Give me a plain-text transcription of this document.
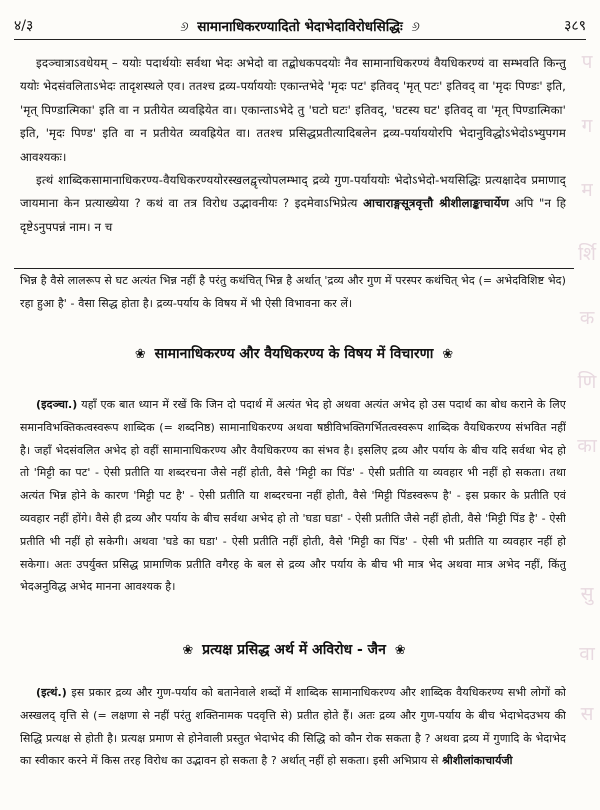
४/३	୬ सामानाधिकरण्यादितो भेदाभेदाविरोधसिद्धिः ୬	३८९
प
ग
म
र्शि
क
णि
का
सु
वा
स

इदञ्चात्राऽवधेयम् – ययोः पदार्थयोः सर्वथा भेदः अभेदो वा तद्बोधकपदयोः नैव सामानाधिकरण्यं वैयधिकरण्यं वा सम्भवति किन्तु ययोः भेदसंवलिताऽभेदः तादृशस्थले एव। ततश्च द्रव्य-पर्याययोः एकान्तभेदे 'मृदः पट' इतिवद् 'मृत् पटः' इतिवद् वा 'मृदः पिण्डः' इति, 'मृत् पिण्डात्मिका' इति वा न प्रतीयेत व्यवह्रियेत वा। एकान्ताऽभेदे तु 'घटो घटः' इतिवद्, 'घटस्य घट' इतिवद् वा 'मृत् पिण्डात्मिका' इति, 'मृदः पिण्ड' इति वा न प्रतीयेत व्यवह्रियेत वा। ततश्च प्रसिद्धप्रतीत्यादिबलेन द्रव्य-पर्याययोरपि भेदानुविद्धोऽभेदोऽभ्युपगम आवश्यकः।

इत्थं शाब्दिकसामानाधिकरण्य-वैयधिकरण्ययोरस्खलद्वृत्त्योपलम्भाद् द्रव्ये गुण-पर्याययोः भेदोऽभेदो-भयसिद्धिः प्रत्यक्षादेव प्रमाणाद् जायमाना केन प्रत्याख्येया ? कथं वा तत्र विरोध उद्भावनीयः ? इदमेवाऽभिप्रेत्य आचाराङ्गसूत्रवृत्तौ श्रीशीलाङ्काचार्येण अपि "न हि दृष्टेऽनुपपन्नं नाम। न च

भिन्न है वैसे लालरूप से घट अत्यंत भिन्न नहीं है परंतु कथंचित् भिन्न है अर्थात् 'द्रव्य और गुण में परस्पर कथंचित् भेद (= अभेदविशिष्ट भेद) रहा हुआ है' - वैसा सिद्ध होता है। द्रव्य-पर्याय के विषय में भी ऐसी विभावना कर लें।

❀ सामानाधिकरण्य और वैयधिकरण्य के विषय में विचारणा ❀

(इदञ्चा.) यहाँ एक बात ध्यान में रखें कि जिन दो पदार्थ में अत्यंत भेद हो अथवा अत्यंत अभेद हो उस पदार्थ का बोध कराने के लिए समानविभक्तिकत्वस्वरूप शाब्दिक (= शब्दनिष्ठ) सामानाधिकरण्य अथवा षष्ठीविभक्तिगर्भितत्वस्वरूप शाब्दिक वैयधिकरण्य संभवित नहीं है। जहाँ भेदसंवलित अभेद हो वहीं सामानाधिकरण्य और वैयधिकरण्य का संभव है। इसलिए द्रव्य और पर्याय के बीच यदि सर्वथा भेद हो तो 'मिट्टी का पट' - ऐसी प्रतीति या शब्दरचना जैसे नहीं होती, वैसे 'मिट्टी का पिंड' - ऐसी प्रतीति या व्यवहार भी नहीं हो सकता। तथा अत्यंत भिन्न होने के कारण 'मिट्टी पट है' - ऐसी प्रतीति या शब्दरचना नहीं होती, वैसे 'मिट्टी पिंडस्वरूप है' - इस प्रकार के प्रतीति एवं व्यवहार नहीं होंगे। वैसे ही द्रव्य और पर्याय के बीच सर्वथा अभेद हो तो 'घडा घडा' - ऐसी प्रतीति जैसे नहीं होती, वैसे 'मिट्टी पिंड है' - ऐसी प्रतीति भी नहीं हो सकेगी। अथवा 'घडे का घडा' - ऐसी प्रतीति नहीं होती, वैसे 'मिट्टी का पिंड' - ऐसी भी प्रतीति या व्यवहार नहीं हो सकेगा। अतः उपर्युक्त प्रसिद्ध प्रामाणिक प्रतीति वगैरह के बल से द्रव्य और पर्याय के बीच भी मात्र भेद अथवा मात्र अभेद नहीं, किंतु भेदअनुविद्ध अभेद मानना आवश्यक है।

❀ प्रत्यक्ष प्रसिद्ध अर्थ में अविरोध - जैन ❀

(इत्थं.) इस प्रकार द्रव्य और गुण-पर्याय को बतानेवाले शब्दों में शाब्दिक सामानाधिकरण्य और शाब्दिक वैयधिकरण्य सभी लोगों को अस्खलद् वृत्ति से (= लक्षणा से नहीं परंतु शक्तिनामक पदवृत्ति से) प्रतीत होते हैं। अतः द्रव्य और गुण-पर्याय के बीच भेदाभेदउभय की सिद्धि प्रत्यक्ष से होती है। प्रत्यक्ष प्रमाण से होनेवाली प्रस्तुत भेदाभेद की सिद्धि को कौन रोक सकता है ? अथवा द्रव्य में गुणादि के भेदाभेद का स्वीकार करने में किस तरह विरोध का उद्भावन हो सकता है ? अर्थात् नहीं हो सकता। इसी अभिप्राय से श्रीशीलांकाचार्यजी
